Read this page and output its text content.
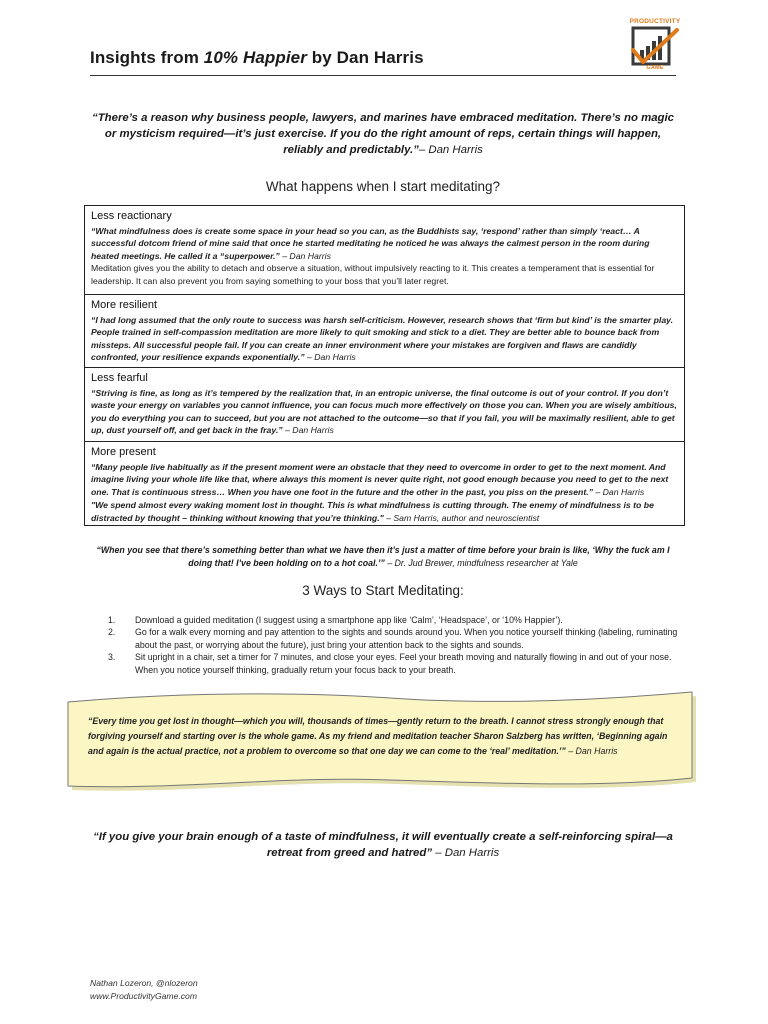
Insights from 10% Happier by Dan Harris
PRODUCTIVITY
GAME
“There’s a reason why business people, lawyers, and marines have embraced meditation. There’s no magic or mysticism required—it’s just exercise. If you do the right amount of reps, certain things will happen, reliably and predictably.”– Dan Harris
What happens when I start meditating?
Less reactionary
“What mindfulness does is create some space in your head so you can, as the Buddhists say, ‘respond’ rather than simply ‘react… A successful dotcom friend of mine said that once he started meditating he noticed he was always the calmest person in the room during heated meetings. He called it a “superpower.” – Dan Harris
Meditation gives you the ability to detach and observe a situation, without impulsively reacting to it. This creates a temperament that is essential for leadership. It can also prevent you from saying something to your boss that you’ll later regret.
More resilient
“I had long assumed that the only route to success was harsh self-criticism. However, research shows that ‘firm but kind’ is the smarter play. People trained in self-compassion meditation are more likely to quit smoking and stick to a diet. They are better able to bounce back from missteps. All successful people fail. If you can create an inner environment where your mistakes are forgiven and flaws are candidly confronted, your resilience expands exponentially.” – Dan Harris
Less fearful
“Striving is fine, as long as it’s tempered by the realization that, in an entropic universe, the final outcome is out of your control. If you don’t waste your energy on variables you cannot influence, you can focus much more effectively on those you can. When you are wisely ambitious, you do everything you can to succeed, but you are not attached to the outcome—so that if you fail, you will be maximally resilient, able to get up, dust yourself off, and get back in the fray.” – Dan Harris
More present
“Many people live habitually as if the present moment were an obstacle that they need to overcome in order to get to the next moment. And imagine living your whole life like that, where always this moment is never quite right, not good enough because you need to get to the next one. That is continuous stress… When you have one foot in the future and the other in the past, you piss on the present.” – Dan Harris
"We spend almost every waking moment lost in thought. This is what mindfulness is cutting through. The enemy of mindfulness is to be distracted by thought – thinking without knowing that you’re thinking." – Sam Harris, author and neuroscientist
“When you see that there’s something better than what we have then it’s just a matter of time before your brain is like, ‘Why the fuck am I doing that! I’ve been holding on to a hot coal.’” – Dr. Jud Brewer, mindfulness researcher at Yale
3 Ways to Start Meditating:
1. Download a guided meditation (I suggest using a smartphone app like ‘Calm’, ‘Headspace’, or ‘10% Happier’).
2. Go for a walk every morning and pay attention to the sights and sounds around you. When you notice yourself thinking (labeling, ruminating about the past, or worrying about the future), just bring your attention back to the sights and sounds.
3. Sit upright in a chair, set a timer for 7 minutes, and close your eyes. Feel your breath moving and naturally flowing in and out of your nose. When you notice yourself thinking, gradually return your focus back to your breath.
“Every time you get lost in thought—which you will, thousands of times—gently return to the breath. I cannot stress strongly enough that forgiving yourself and starting over is the whole game. As my friend and meditation teacher Sharon Salzberg has written, ‘Beginning again and again is the actual practice, not a problem to overcome so that one day we can come to the ‘real’ meditation.’” – Dan Harris
“If you give your brain enough of a taste of mindfulness, it will eventually create a self-reinforcing spiral—a retreat from greed and hatred” – Dan Harris
Nathan Lozeron, @nlozeron
www.ProductivityGame.com
